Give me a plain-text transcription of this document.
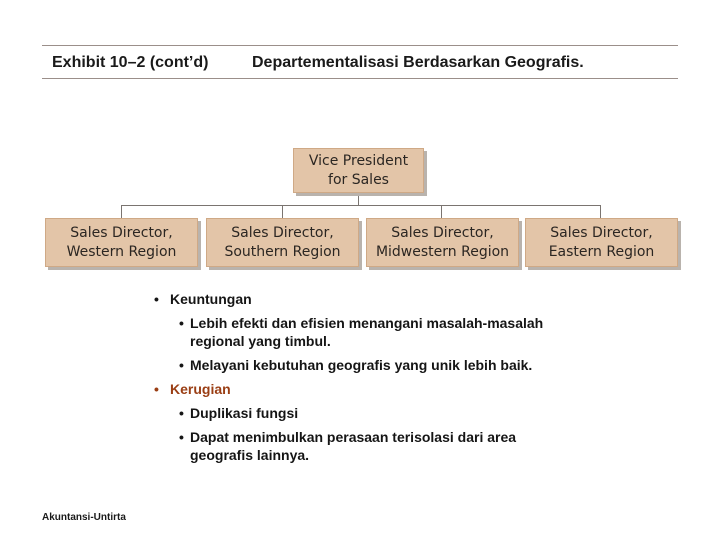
Exhibit 10–2 (cont’d)	Departementalisasi Berdasarkan Geografis.
Vice President
for Sales
Sales Director,
Western Region
Sales Director,
Southern Region
Sales Director,
Midwestern Region
Sales Director,
Eastern Region
• Keuntungan
• Lebih efekti dan efisien menangani masalah-masalah regional yang timbul.
• Melayani kebutuhan geografis yang unik lebih baik.
• Kerugian
• Duplikasi fungsi
• Dapat menimbulkan perasaan terisolasi dari area geografis lainnya.
Akuntansi-Untirta
